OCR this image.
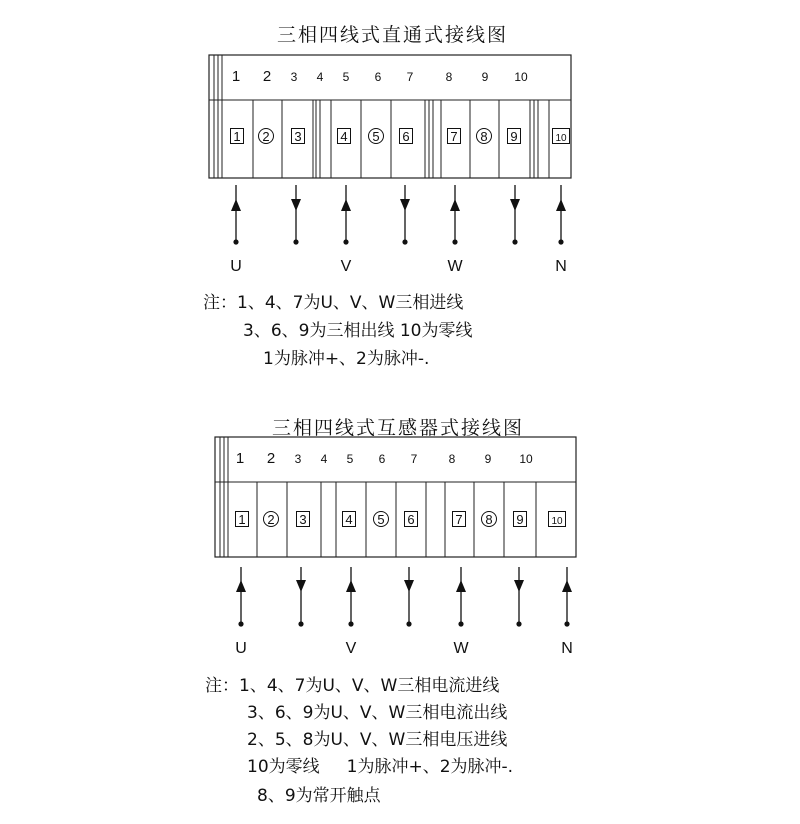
三相四线式直通式接线图
1 2 3 4 5 6 7	8 9 10
1 2 3	4 5 6	7 8 9	10
U	V	W	N
注：1、4、7为U、V、W三相进线
3、6、9为三相出线 10为零线
1为脉冲+、2为脉冲-.
三相四线式互感器式接线图
1 2 3 4 5 6 7	8 9 10
1 2 3	4 5 6	7 8 9	10
U	V	W	N
注：1、4、7为U、V、W三相电流进线
3、6、9为U、V、W三相电流出线
2、5、8为U、V、W三相电压进线
10为零线     1为脉冲+、2为脉冲-.
8、9为常开触点
